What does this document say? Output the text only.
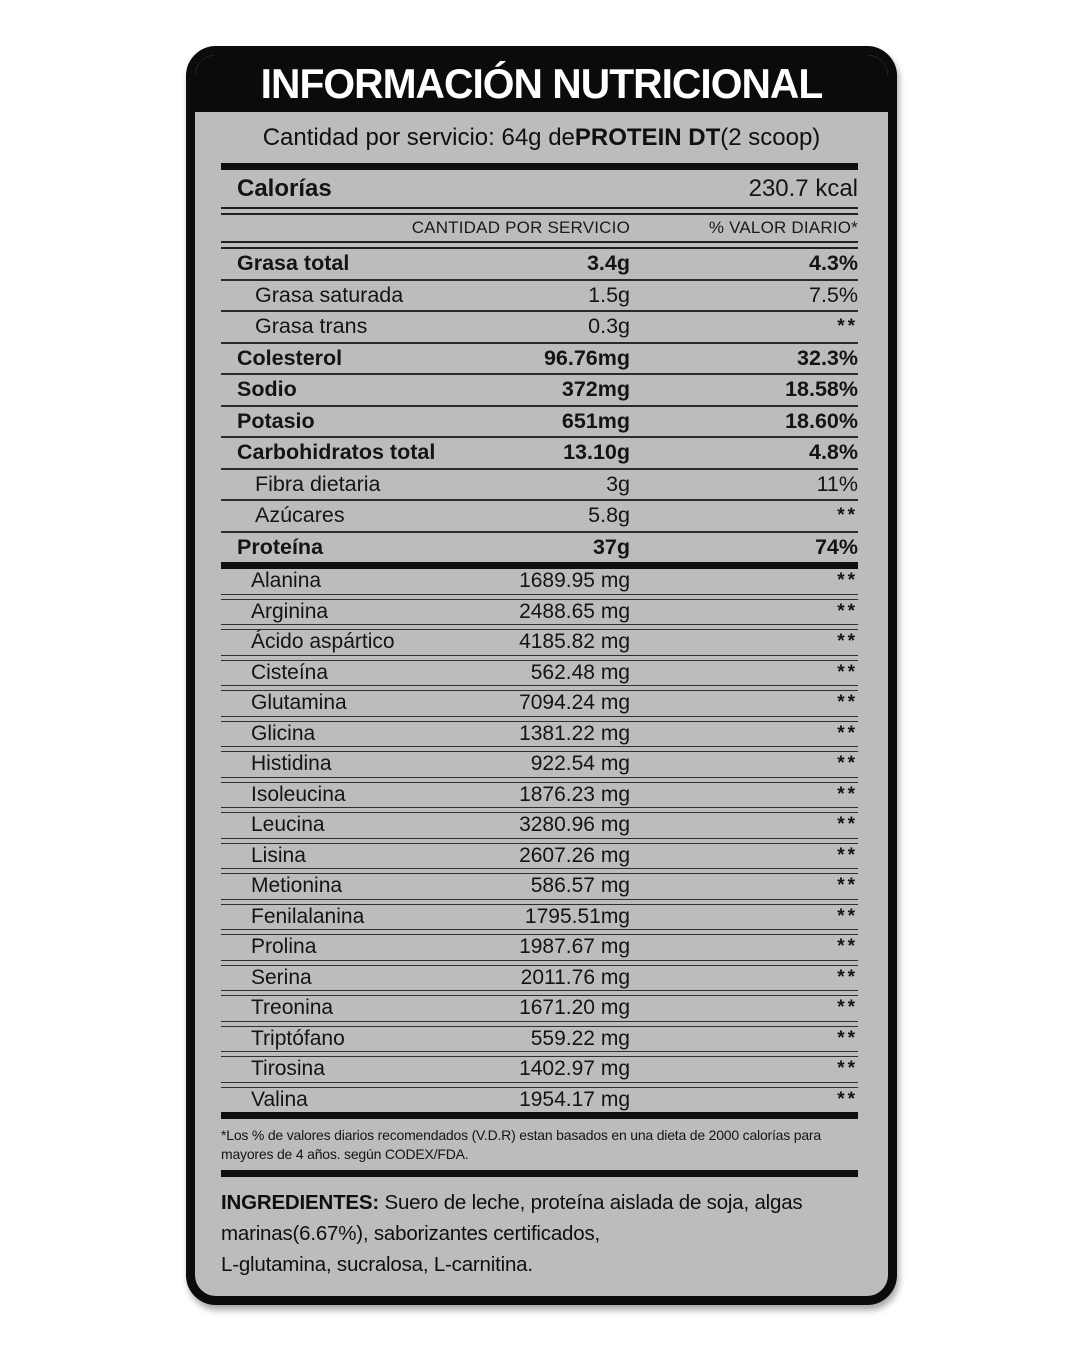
INFORMACIÓN NUTRICIONAL
Cantidad por servicio: 64g de PROTEIN DT (2 scoop)
Calorías	230.7 kcal
CANTIDAD POR SERVICIO	% VALOR DIARIO*
Grasa total	3.4g	4.3%
Grasa saturada	1.5g	7.5%
Grasa trans	0.3g	**
Colesterol	96.76mg	32.3%
Sodio	372mg	18.58%
Potasio	651mg	18.60%
Carbohidratos total	13.10g	4.8%
Fibra dietaria	3g	11%
Azúcares	5.8g	**
Proteína	37g	74%
Alanina	1689.95 mg	**
Arginina	2488.65 mg	**
Ácido aspártico	4185.82 mg	**
Cisteína	562.48 mg	**
Glutamina	7094.24 mg	**
Glicina	1381.22 mg	**
Histidina	922.54 mg	**
Isoleucina	1876.23 mg	**
Leucina	3280.96 mg	**
Lisina	2607.26 mg	**
Metionina	586.57 mg	**
Fenilalanina	1795.51mg	**
Prolina	1987.67 mg	**
Serina	2011.76 mg	**
Treonina	1671.20 mg	**
Triptófano	559.22 mg	**
Tirosina	1402.97 mg	**
Valina	1954.17 mg	**
*Los % de valores diarios recomendados (V.D.R) estan basados en una dieta de 2000 calorías para
mayores de 4 años. según CODEX/FDA.
INGREDIENTES: Suero de leche, proteína aislada de soja, algas
marinas(6.67%), saborizantes certificados,
L-glutamina, sucralosa, L-carnitina.
